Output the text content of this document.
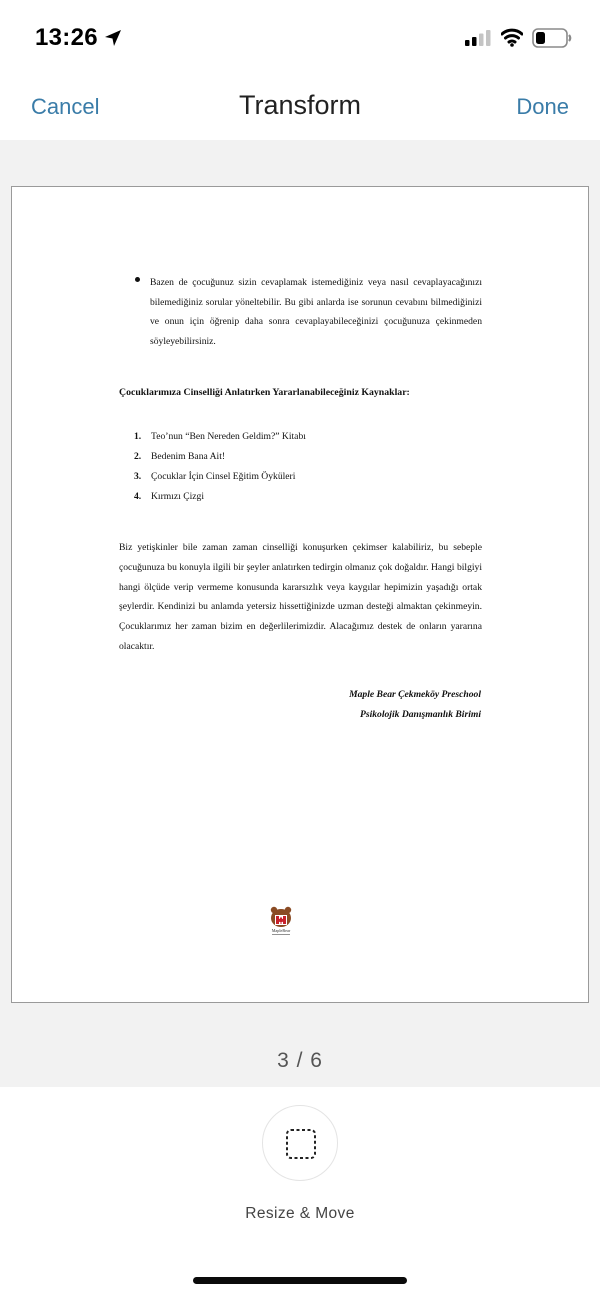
13:26
Cancel	Transform	Done

Bazen de çocuğunuz sizin cevaplamak istemediğiniz veya nasıl cevaplayacağınızı bilemediğiniz sorular yöneltebilir. Bu gibi anlarda ise sorunun cevabını bilmediğinizi ve onun için öğrenip daha sonra cevaplayabileceğinizi çocuğunuza çekinmeden söyleyebilirsiniz.

Çocuklarımıza Cinselliği Anlatırken Yararlanabileceğiniz Kaynaklar:
1. Teo’nun “Ben Nereden Geldim?” Kitabı
2. Bedenim Bana Ait!
3. Çocuklar İçin Cinsel Eğitim Öyküleri
4. Kırmızı Çizgi

Biz yetişkinler bile zaman zaman cinselliği konuşurken çekimser kalabiliriz, bu sebeple çocuğunuza bu konuyla ilgili bir şeyler anlatırken tedirgin olmanız çok doğaldır. Hangi bilgiyi hangi ölçüde verip vermeme konusunda kararsızlık veya kaygılar hepimizin yaşadığı ortak şeylerdir. Kendinizi bu anlamda yetersiz hissettiğinizde uzman desteği almaktan çekinmeyin. Çocuklarımız her zaman bizim en değerlilerimizdir. Alacağımız destek de onların yararına olacaktır.

Maple Bear Çekmeköy Preschool
Psikolojik Danışmanlık Birimi
MapleBear
3 / 6
Resize & Move
